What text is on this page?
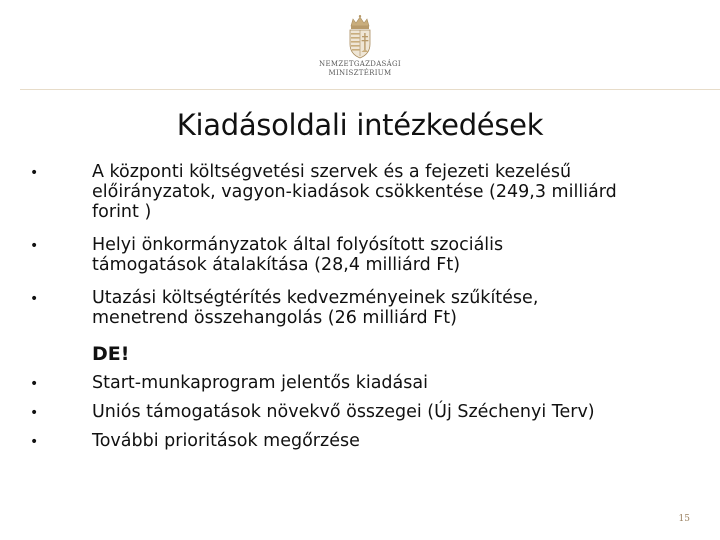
NEMZETGAZDASÁGI
MINISZTÉRIUM
Kiadásoldali intézkedések
•	A központi költségvetési szervek és a fejezeti kezelésű
előirányzatok, vagyon-kiadások csökkentése (249,3 milliárd
forint )
•	Helyi önkormányzatok által folyósított szociális
támogatások átalakítása (28,4 milliárd Ft)
•	Utazási költségtérítés kedvezményeinek szűkítése,
menetrend összehangolás (26 milliárd Ft)
DE!
•	Start-munkaprogram jelentős kiadásai
•	Uniós támogatások növekvő összegei (Új Széchenyi Terv)
•	További prioritások megőrzése
15
